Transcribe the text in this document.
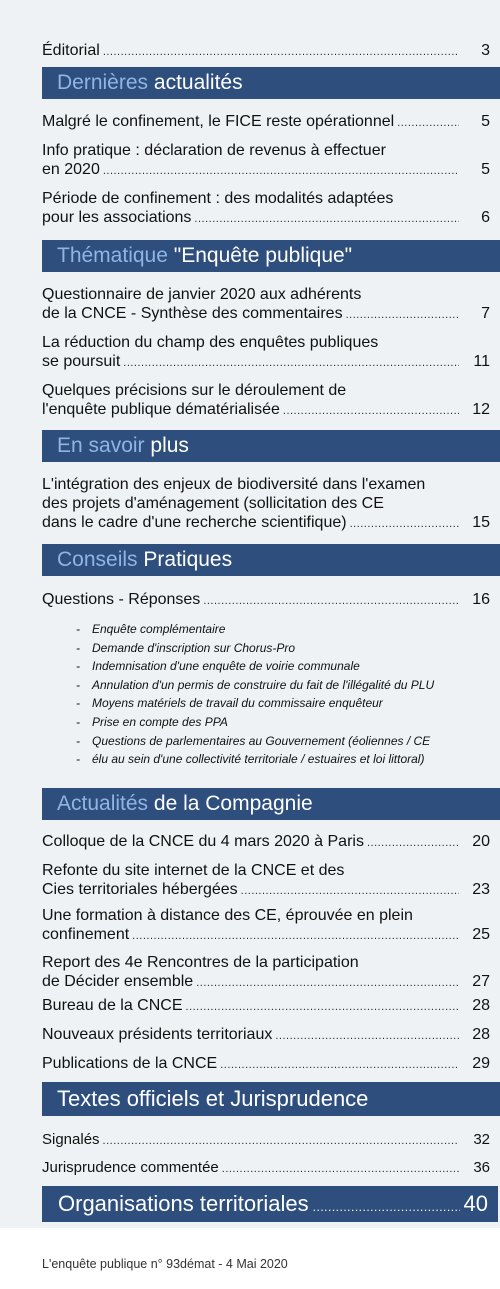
Éditorial .....	3
Dernières actualités
Malgré le confinement, le FICE reste opérationnel .....	5
Info pratique : déclaration de revenus à effectuer
en 2020 .....	5
Période de confinement : des modalités adaptées
pour les associations .....	6
Thématique "Enquête publique"
Questionnaire de janvier 2020 aux adhérents
de la CNCE - Synthèse des commentaires .....	7
La réduction du champ des enquêtes publiques
se poursuit .....	11
Quelques précisions sur le déroulement de
l'enquête publique dématérialisée .....	12
En savoir plus
L'intégration des enjeux de biodiversité dans l'examen
des projets d'aménagement (sollicitation des CE
dans le cadre d'une recherche scientifique) .....	15
Conseils Pratiques
Questions - Réponses .....	16
- Enquête complémentaire
- Demande d'inscription sur Chorus-Pro
- Indemnisation d'une enquête de voirie communale
- Annulation d'un permis de construire du fait de l'illégalité du PLU
- Moyens matériels de travail du commissaire enquêteur
- Prise en compte des PPA
- Questions de parlementaires au Gouvernement (éoliennes / CE
- élu au sein d'une collectivité territoriale / estuaires et loi littoral)
Actualités de la Compagnie
Colloque de la CNCE du 4 mars 2020 à Paris .....	20
Refonte du site internet de la CNCE et des
Cies territoriales hébergées .....	23
Une formation à distance des CE, éprouvée en plein
confinement .....	25
Report des 4e Rencontres de la participation
de Décider ensemble .....	27
Bureau de la CNCE .....	28
Nouveaux présidents territoriaux .....	28
Publications de la CNCE .....	29
Textes officiels et Jurisprudence
Signalés .....	32
Jurisprudence commentée .....	36
Organisations territoriales .....	40
L'enquête publique n° 93démat - 4 Mai 2020
